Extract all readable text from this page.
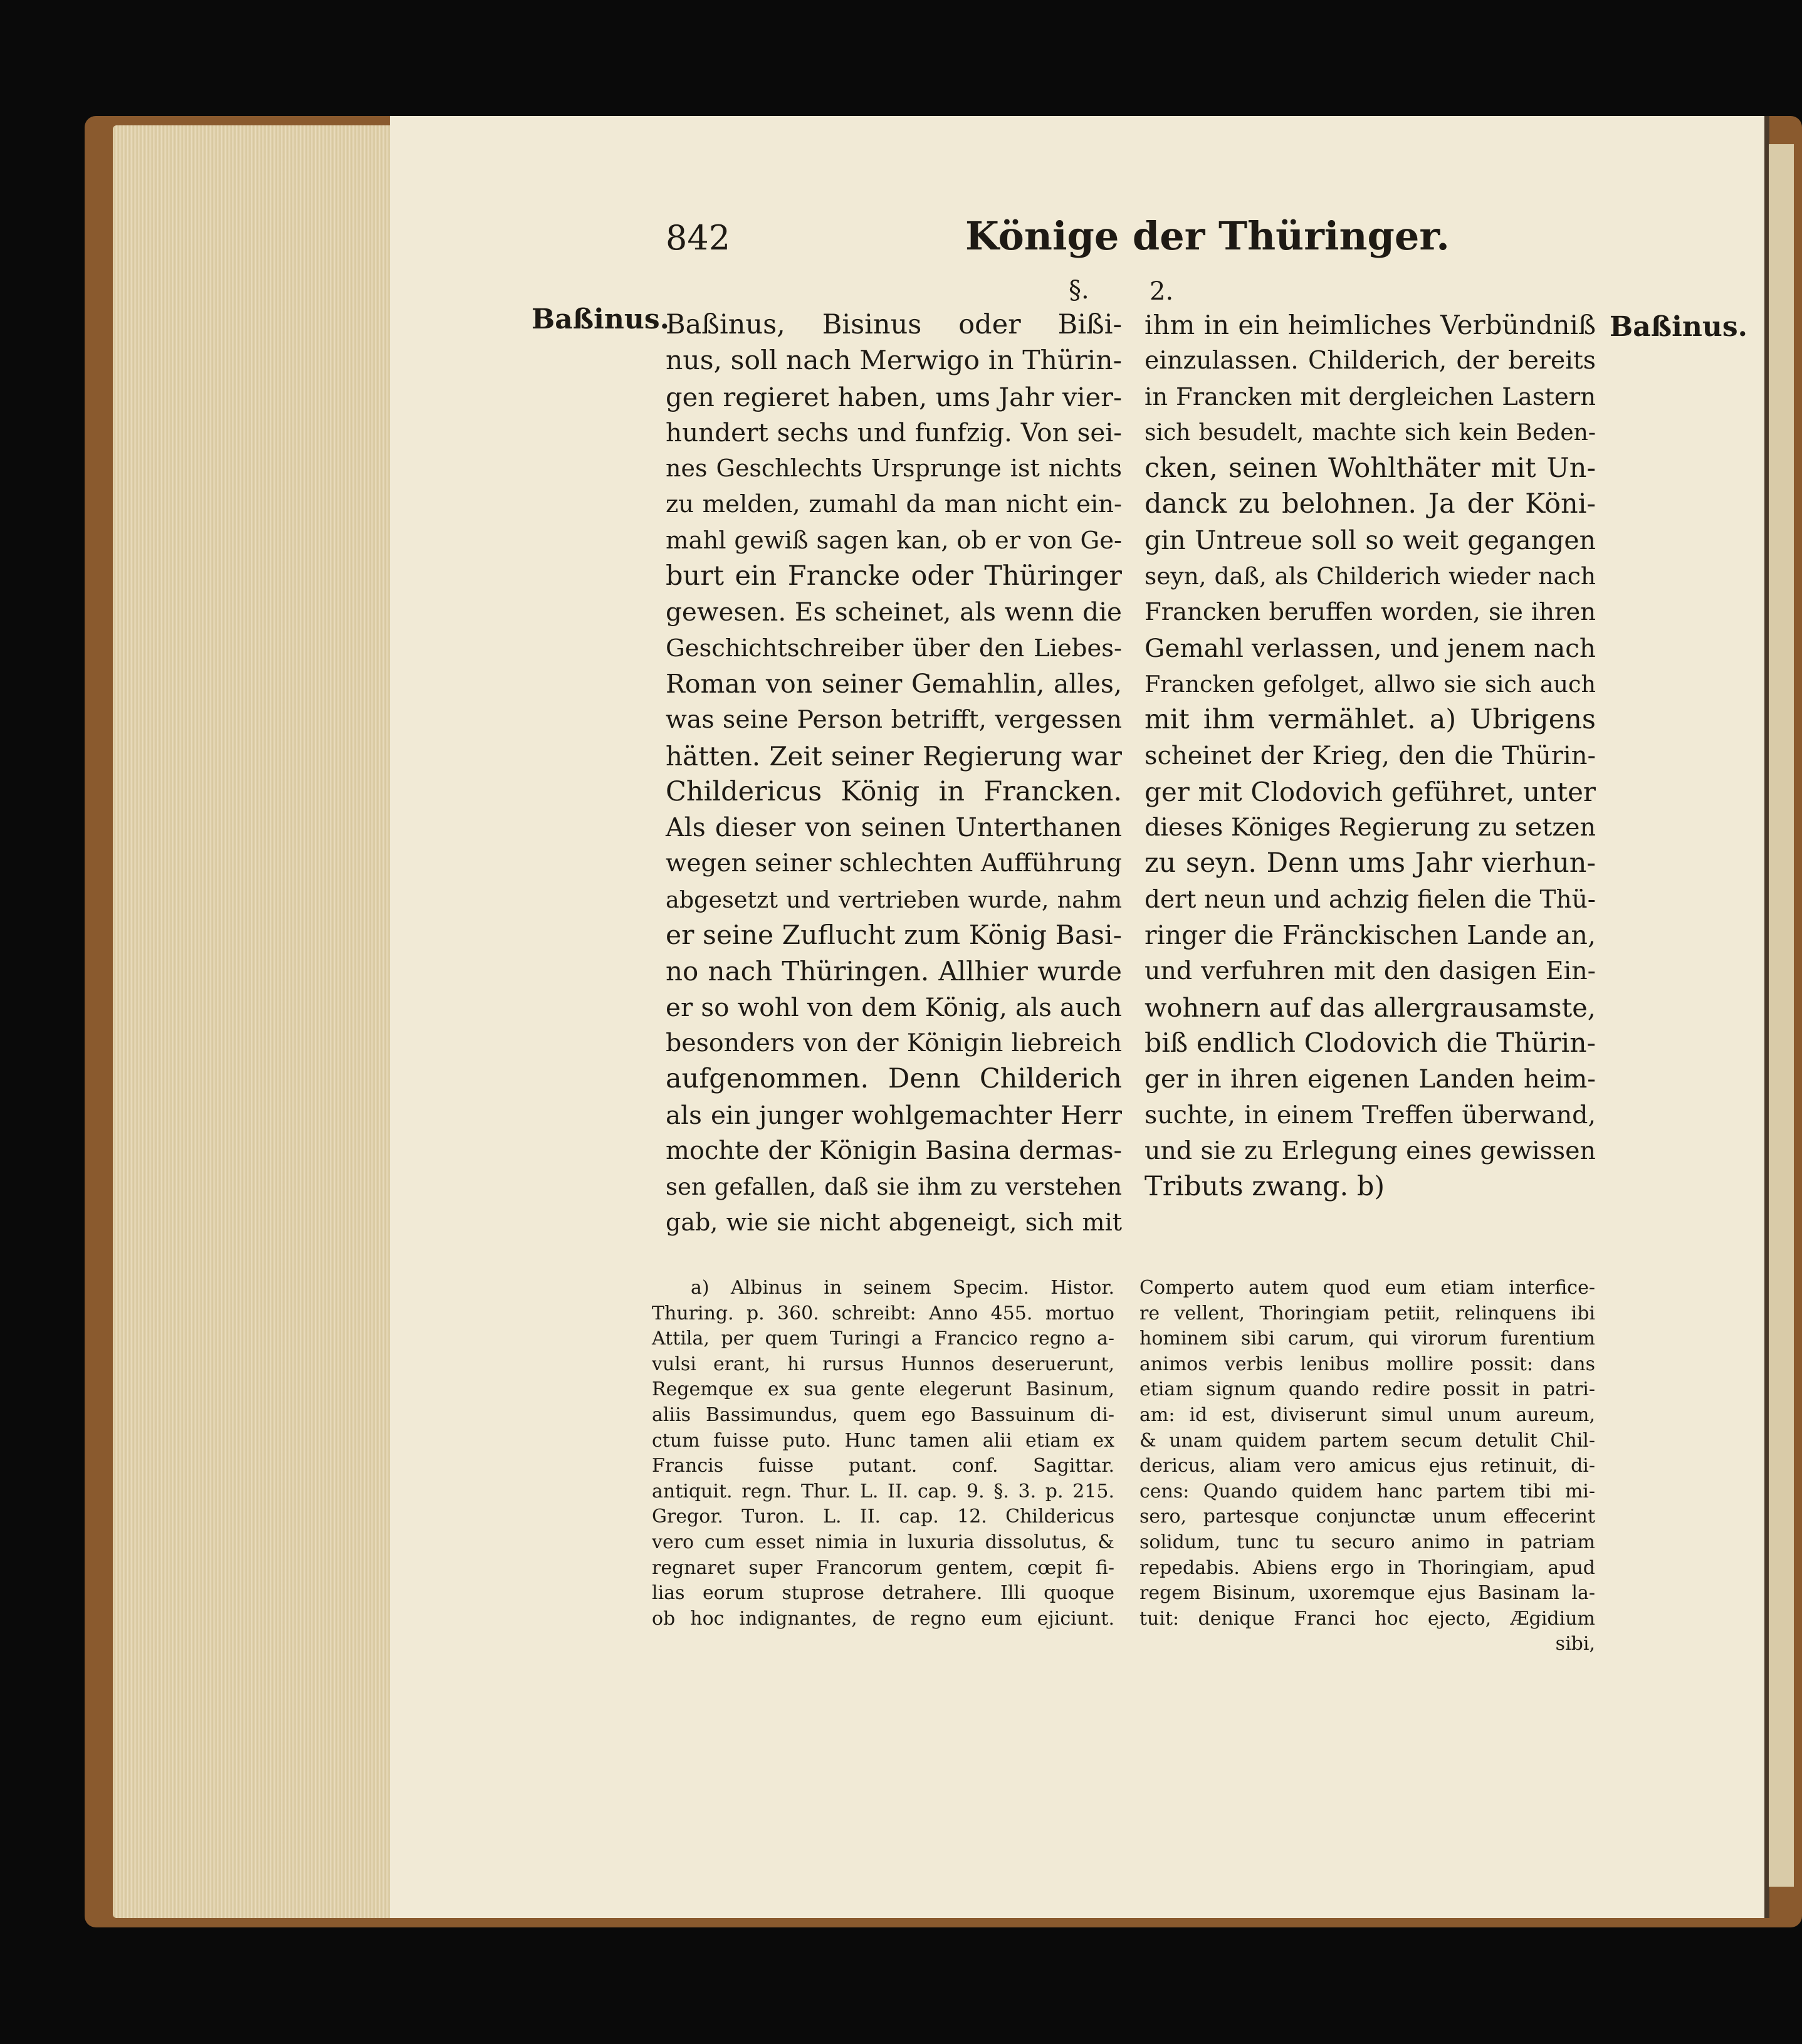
842	Könige der Thüringer.
§. 2.
Baßinus.	Baßinus.
Baßinus, Bisinus oder Bißi-
nus, soll nach Merwigo in Thürin-
gen regieret haben, ums Jahr vier-
hundert sechs und funfzig. Von sei-
nes Geschlechts Ursprunge ist nichts
zu melden, zumahl da man nicht ein-
mahl gewiß sagen kan, ob er von Ge-
burt ein Francke oder Thüringer
gewesen. Es scheinet, als wenn die
Geschichtschreiber über den Liebes-
Roman von seiner Gemahlin, alles,
was seine Person betrifft, vergessen
hätten. Zeit seiner Regierung war
Childericus König in Francken.
Als dieser von seinen Unterthanen
wegen seiner schlechten Aufführung
abgesetzt und vertrieben wurde, nahm
er seine Zuflucht zum König Basi-
no nach Thüringen. Allhier wurde
er so wohl von dem König, als auch
besonders von der Königin liebreich
aufgenommen. Denn Childerich
als ein junger wohlgemachter Herr
mochte der Königin Basina dermas-
sen gefallen, daß sie ihm zu verstehen
gab, wie sie nicht abgeneigt, sich mit
ihm in ein heimliches Verbündniß
einzulassen. Childerich, der bereits
in Francken mit dergleichen Lastern
sich besudelt, machte sich kein Beden-
cken, seinen Wohlthäter mit Un-
danck zu belohnen. Ja der Köni-
gin Untreue soll so weit gegangen
seyn, daß, als Childerich wieder nach
Francken beruffen worden, sie ihren
Gemahl verlassen, und jenem nach
Francken gefolget, allwo sie sich auch
mit ihm vermählet. a) Ubrigens
scheinet der Krieg, den die Thürin-
ger mit Clodovich geführet, unter
dieses Königes Regierung zu setzen
zu seyn. Denn ums Jahr vierhun-
dert neun und achzig fielen die Thü-
ringer die Fränckischen Lande an,
und verfuhren mit den dasigen Ein-
wohnern auf das allergrausamste,
biß endlich Clodovich die Thürin-
ger in ihren eigenen Landen heim-
suchte, in einem Treffen überwand,
und sie zu Erlegung eines gewissen
Tributs zwang. b)
a) Albinus in seinem Specim. Histor.
Thuring. p. 360. schreibt: Anno 455. mortuo
Attila, per quem Turingi a Francico regno a-
vulsi erant, hi rursus Hunnos deseruerunt,
Regemque ex sua gente elegerunt Basinum,
aliis Bassimundus, quem ego Bassuinum di-
ctum fuisse puto. Hunc tamen alii etiam ex
Francis fuisse putant. conf. Sagittar.
antiquit. regn. Thur. L. II. cap. 9. §. 3. p. 215.
Gregor. Turon. L. II. cap. 12. Childericus
vero cum esset nimia in luxuria dissolutus, &
regnaret super Francorum gentem, cœpit fi-
lias eorum stuprose detrahere. Illi quoque
ob hoc indignantes, de regno eum ejiciunt.
Comperto autem quod eum etiam interfice-
re vellent, Thoringiam petiit, relinquens ibi
hominem sibi carum, qui virorum furentium
animos verbis lenibus mollire possit: dans
etiam signum quando redire possit in patri-
am: id est, diviserunt simul unum aureum,
& unam quidem partem secum detulit Chil-
dericus, aliam vero amicus ejus retinuit, di-
cens: Quando quidem hanc partem tibi mi-
sero, partesque conjunctæ unum effecerint
solidum, tunc tu securo animo in patriam
repedabis. Abiens ergo in Thoringiam, apud
regem Bisinum, uxoremque ejus Basinam la-
tuit: denique Franci hoc ejecto, Ægidium
sibi,
